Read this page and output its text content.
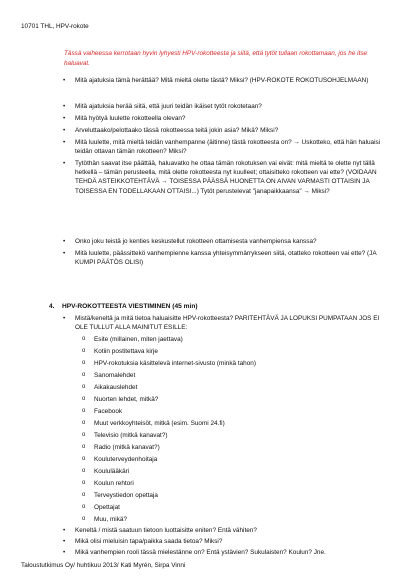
10701 THL, HPV-rokote
Tässä vaiheessa kerrotaan hyvin lyhyesti HPV-rokotteesta ja siitä, että tytöt tullaan rokottamaan, jos he itse haluavat.
• Mitä ajatuksia tämä herättää? Mitä mieltä olette tästä? Miksi? (HPV-ROKOTE ROKOTUSOHJELMAAN)
• Mitä ajatuksia herää siitä, että juuri teidän ikäiset tytöt rokotetaan?
• Mitä hyötyä luulette rokotteella olevan?
• Arveluttaako/pelottaako tässä rokotteessa teitä jokin asia? Mikä? Miksi?
• Mitä luulette, mitä mieltä teidän vanhempanne (äitinne) tästä rokotteesta on? → Uskotteko, että hän haluaisi teidän ottavan tämän rokotteen? Miksi?
• Tytöthän saavat itse päättää, haluavatko he ottaa tämän rokotuksen vai eivät: mitä mieltä te olette nyt tällä hetkellä – tämän perusteella, mitä olette rokotteesta nyt kuulleet; ottaisitteko rokotteen vai ette? (VOIDAAN TEHDÄ ASTEIKKOTEHTÄVÄ → TOISESSA PÄÄSSÄ HUONETTA ON AIVAN VARMASTI OTTAISIN JA TOISESSA EN TODELLAKAAN OTTAISI...) Tytöt perustelevat "janapaikkaansa" → Miksi?
• Onko joku teistä jo kenties keskustellut rokotteen ottamisesta vanhempiensa kanssa?
• Mitä luulette, päässittekö vanhempienne kanssa yhteisymmärrykseen siitä, otatteko rokotteen vai ette? (JA KUMPI PÄÄTÖS OLISI)
4. HPV-ROKOTTEESTA VIESTIMINEN (45 min)
• Mistä/keneltä ja mitä tietoa haluaisitte HPV-rokotteesta? PARITEHTÄVÄ JA LOPUKSI PUMPATAAN JOS EI OLE TULLUT ALLA MAINITUT ESILLE:
o Esite (millainen, miten jaettava)
o Kotiin postitettava kirje
o HPV-rokotuksia käsittelevä internet-sivusto (minkä tahon)
o Sanomalehdet
o Aikakauslehdet
o Nuorten lehdet, mitkä?
o Facebook
o Muut verkkoyhteisöt, mitkä (esim. Suomi 24.fi)
o Televisio (mitkä kanavat?)
o Radio (mitkä kanavat?)
o Kouluterveydenhoitaja
o Koululääkäri
o Koulun rehtori
o Terveystiedon opettaja
o Opettajat
o Muu, mikä?
• Keneltä / mistä saatuun tietoon luottaisitte eniten? Entä vähiten?
• Mikä olisi mieluisin tapa/paikka saada tietoa? Miksi?
Taloustutkimus Oy/ huhtikuu 2013/ Kati Myrén, Sirpa Vinni
• Mikä vanhempien rooli tässä mielestänne on? Entä ystävien? Sukulaisten? Koulun? Jne.
